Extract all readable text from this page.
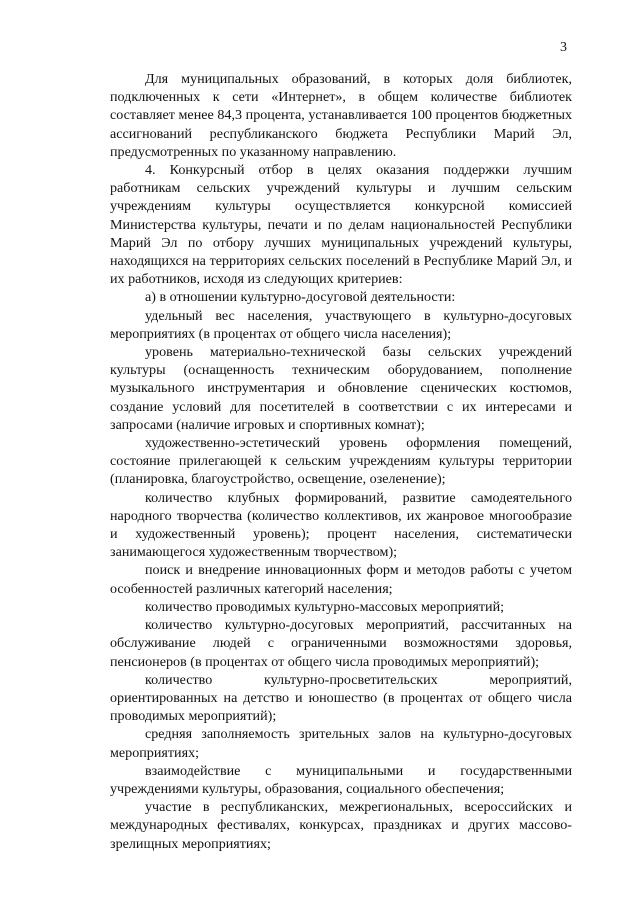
3

Для муниципальных образований, в которых доля библиотек, подключенных к сети «Интернет», в общем количестве библиотек составляет менее 84,3 процента, устанавливается 100 процентов бюджетных ассигнований республиканского бюджета Республики Марий Эл, предусмотренных по указанному направлению.

4. Конкурсный отбор в целях оказания поддержки лучшим работникам сельских учреждений культуры и лучшим сельским учреждениям культуры осуществляется конкурсной комиссией Министерства культуры, печати и по делам национальностей Республики Марий Эл по отбору лучших муниципальных учреждений культуры, находящихся на территориях сельских поселений в Республике Марий Эл, и их работников, исходя из следующих критериев:

а) в отношении культурно-досуговой деятельности:

удельный вес населения, участвующего в культурно-досуговых мероприятиях (в процентах от общего числа населения);

уровень материально-технической базы сельских учреждений культуры (оснащенность техническим оборудованием, пополнение музыкального инструментария и обновление сценических костюмов, создание условий для посетителей в соответствии с их интересами и запросами (наличие игровых и спортивных комнат);

художественно-эстетический уровень оформления помещений, состояние прилегающей к сельским учреждениям культуры территории (планировка, благоустройство, освещение, озеленение);

количество клубных формирований, развитие самодеятельного народного творчества (количество коллективов, их жанровое многообразие и художественный уровень); процент населения, систематически занимающегося художественным творчеством);

поиск и внедрение инновационных форм и методов работы с учетом особенностей различных категорий населения;

количество проводимых культурно-массовых мероприятий;

количество культурно-досуговых мероприятий, рассчитанных на обслуживание людей с ограниченными возможностями здоровья, пенсионеров (в процентах от общего числа проводимых мероприятий);

количество культурно-просветительских мероприятий, ориентированных на детство и юношество (в процентах от общего числа проводимых мероприятий);

средняя заполняемость зрительных залов на культурно-досуговых мероприятиях;

взаимодействие с муниципальными и государственными учреждениями культуры, образования, социального обеспечения;

участие в республиканских, межрегиональных, всероссийских и международных фестивалях, конкурсах, праздниках и других массово-зрелищных мероприятиях;
